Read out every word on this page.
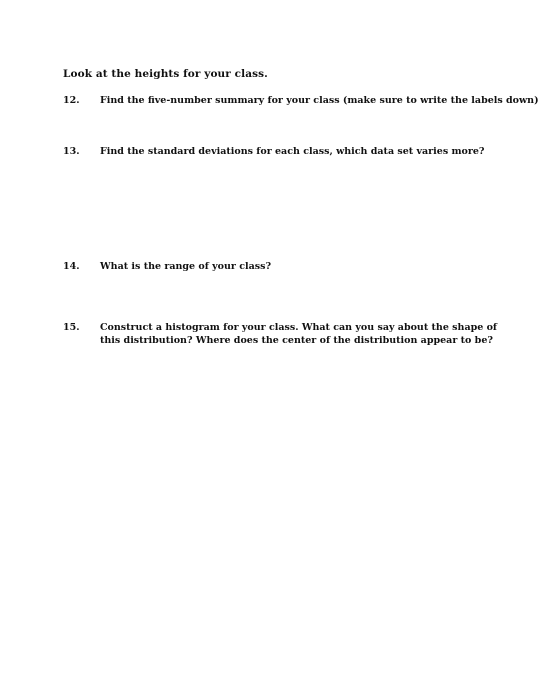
Look at the heights for your class.
12. Find the five-number summary for your class (make sure to write the labels down)
13. Find the standard deviations for each class, which data set varies more?
14. What is the range of your class?
15. Construct a histogram for your class. What can you say about the shape of this distribution? Where does the center of the distribution appear to be?
